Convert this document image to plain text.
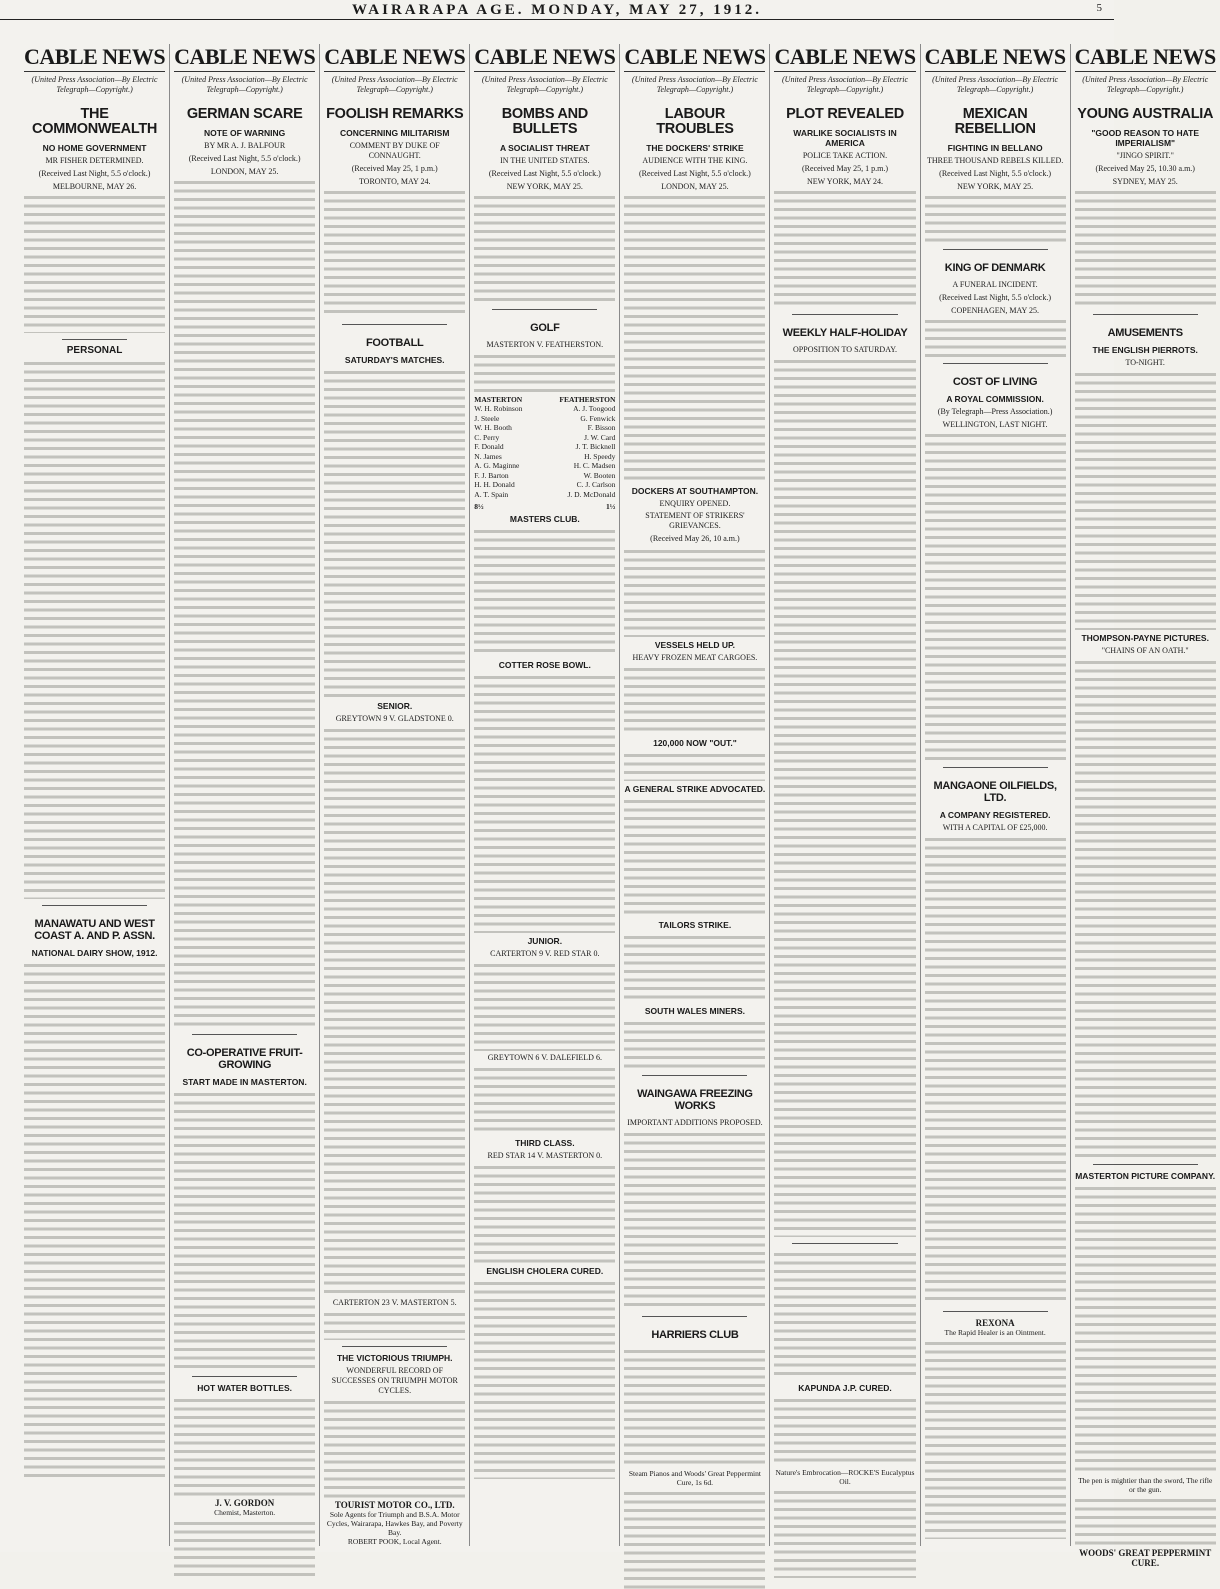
WAIRARAPA AGE. MONDAY, MAY 27, 1912.	5
CABLE NEWS
(United Press Association—By Electric Telegraph—Copyright.)
THE COMMONWEALTH
NO HOME GOVERNMENT
MR FISHER DETERMINED.
(Received Last Night, 5.5 o'clock.)
MELBOURNE, MAY 26.
PERSONAL
MANAWATU AND WEST COAST A. AND P. ASSN.
NATIONAL DAIRY SHOW, 1912.
CABLE NEWS
(United Press Association—By Electric Telegraph—Copyright.)
GERMAN SCARE
NOTE OF WARNING
BY MR A. J. BALFOUR
(Received Last Night, 5.5 o'clock.)
LONDON, MAY 25.
CO-OPERATIVE FRUIT-GROWING
START MADE IN MASTERTON.
HOT WATER BOTTLES.
J. V. GORDON
Chemist, Masterton.
CABLE NEWS
(United Press Association—By Electric Telegraph—Copyright.)
FOOLISH REMARKS
CONCERNING MILITARISM
COMMENT BY DUKE OF CONNAUGHT.
(Received May 25, 1 p.m.)
TORONTO, MAY 24.
FOOTBALL
SATURDAY'S MATCHES.
SENIOR.
GREYTOWN 9 V. GLADSTONE 0.
CARTERTON 23 V. MASTERTON 5.
THE VICTORIOUS TRIUMPH.
WONDERFUL RECORD OF SUCCESSES ON TRIUMPH MOTOR CYCLES.
TOURIST MOTOR CO., LTD.
Sole Agents for Triumph and B.S.A. Motor Cycles, Wairarapa, Hawkes Bay, and Poverty Bay.
ROBERT POOK, Local Agent.
CABLE NEWS
(United Press Association—By Electric Telegraph—Copyright.)
BOMBS AND BULLETS
A SOCIALIST THREAT
IN THE UNITED STATES.
(Received Last Night, 5.5 o'clock.)
NEW YORK, MAY 25.
GOLF
MASTERTON V. FEATHERSTON.
MASTERTON	FEATHERSTON
W. H. Robinson	A. J. Toogood
J. Steele	G. Fenwick
W. H. Booth	F. Bisson
C. Perry	J. W. Card
F. Donald	J. T. Bicknell
N. James	H. Speedy
A. G. Maginne	H. C. Madsen
F. J. Barton	W. Booten
H. H. Donald	C. J. Carlson
A. T. Spain	J. D. McDonald
8½	1½
MASTERS CLUB.
COTTER ROSE BOWL.
JUNIOR.
CARTERTON 9 V. RED STAR 0.
GREYTOWN 6 V. DALEFIELD 6.
THIRD CLASS.
RED STAR 14 V. MASTERTON 0.
ENGLISH CHOLERA CURED.
CABLE NEWS
(United Press Association—By Electric Telegraph—Copyright.)
LABOUR TROUBLES
THE DOCKERS' STRIKE
AUDIENCE WITH THE KING.
(Received Last Night, 5.5 o'clock.)
LONDON, MAY 25.
DOCKERS AT SOUTHAMPTON.
ENQUIRY OPENED.
STATEMENT OF STRIKERS' GRIEVANCES.
(Received May 26, 10 a.m.)
VESSELS HELD UP.
HEAVY FROZEN MEAT CARGOES.
120,000 NOW "OUT."
A GENERAL STRIKE ADVOCATED.
TAILORS STRIKE.
SOUTH WALES MINERS.
WAINGAWA FREEZING WORKS
IMPORTANT ADDITIONS PROPOSED.
HARRIERS CLUB
Steam Pianos and Woods' Great Peppermint Cure, 1s 6d.
CABLE NEWS
(United Press Association—By Electric Telegraph—Copyright.)
PLOT REVEALED
WARLIKE SOCIALISTS IN AMERICA
POLICE TAKE ACTION.
(Received May 25, 1 p.m.)
NEW YORK, MAY 24.
WEEKLY HALF-HOLIDAY
OPPOSITION TO SATURDAY.
KAPUNDA J.P. CURED.
Nature's Embrocation—ROCKE'S Eucalyptus Oil.
CABLE NEWS
(United Press Association—By Electric Telegraph—Copyright.)
MEXICAN REBELLION
FIGHTING IN BELLANO
THREE THOUSAND REBELS KILLED.
(Received Last Night, 5.5 o'clock.)
NEW YORK, MAY 25.
KING OF DENMARK
A FUNERAL INCIDENT.
(Received Last Night, 5.5 o'clock.)
COPENHAGEN, MAY 25.
COST OF LIVING
A ROYAL COMMISSION.
(By Telegraph—Press Association.)
WELLINGTON, LAST NIGHT.
MANGAONE OILFIELDS, LTD.
A COMPANY REGISTERED.
WITH A CAPITAL OF £25,000.
REXONA
The Rapid Healer is an Ointment.
CABLE NEWS
(United Press Association—By Electric Telegraph—Copyright.)
YOUNG AUSTRALIA
"GOOD REASON TO HATE IMPERIALISM"
"JINGO SPIRIT."
(Received May 25, 10.30 a.m.)
SYDNEY, MAY 25.
AMUSEMENTS
THE ENGLISH PIERROTS.
TO-NIGHT.
THOMPSON-PAYNE PICTURES.
"CHAINS OF AN OATH."
MASTERTON PICTURE COMPANY.
The pen is mightier than the sword, The rifle or the gun.
WOODS' GREAT PEPPERMINT CURE.
